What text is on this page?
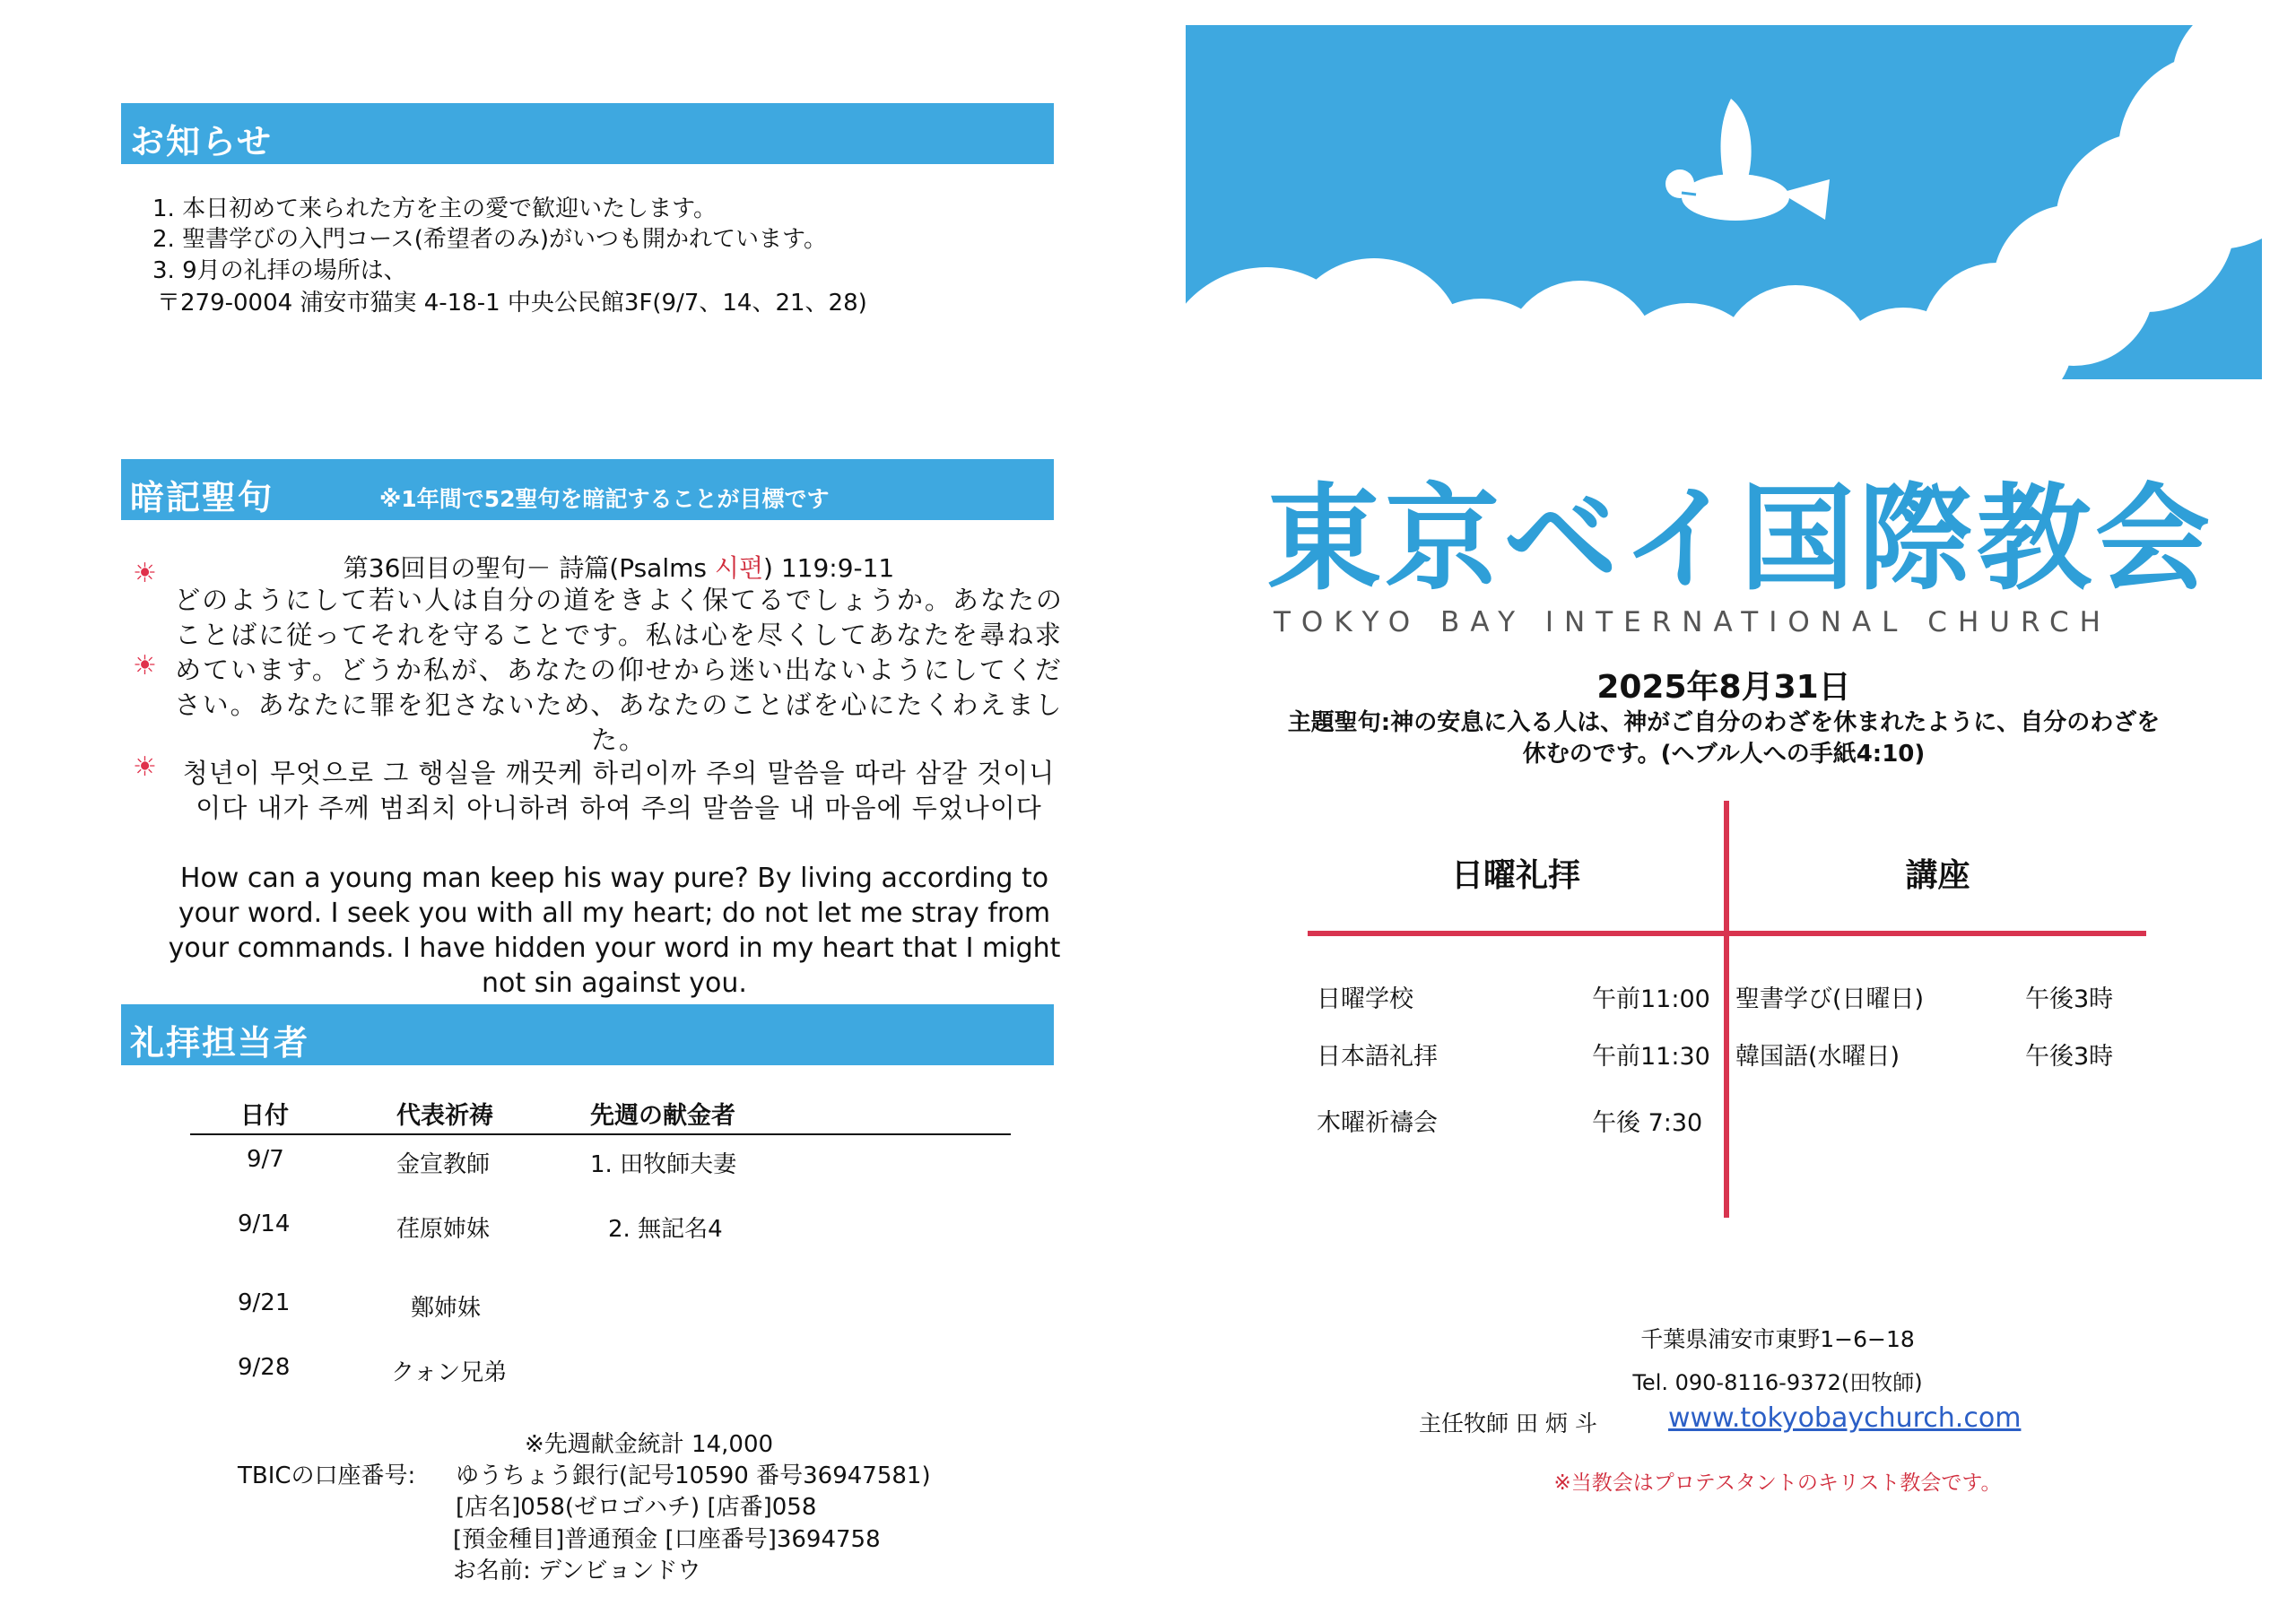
お知らせ
1. 本日初めて来られた方を主の愛で歓迎いたします。
2. 聖書学びの入門コース(希望者のみ)がいつも開かれています。
3. 9月の礼拝の場所は、
〒279-0004 浦安市猫実 4-18-1 中央公民館3F(9/7、14、21、28)
暗記聖句	※1年間で52聖句を暗記することが目標です
☀
☀
☀
第36回目の聖句－ 詩篇(Psalms 시편) 119:9-11

どのようにして若い人は自分の道をきよく保てるでしょうか。あなたのことばに従ってそれを守ることです。私は心を尽くしてあなたを尋ね求めています。どうか私が、あなたの仰せから迷い出ないようにしてください。あなたに罪を犯さないため、あなたのことばを心にたくわえました。

청년이 무엇으로 그 행실을 깨끗케 하리이까 주의 말씀을 따라 삼갈 것이니이다 내가 주께 범죄치 아니하려 하여 주의 말씀을 내 마음에 두었나이다

How can a young man keep his way pure? By living according to your word. I seek you with all my heart; do not let me stray from your commands. I have hidden your word in my heart that I might not sin against you.

礼拝担当者
日付	代表祈祷	先週の献金者
9/7	金宣教師	1. 田牧師夫妻
9/14	荏原姉妹	2. 無記名4
9/21	鄭姉妹
9/28	クォン兄弟
※先週献金統計 14,000
TBICの口座番号: ゆうちょう銀行(記号10590 番号36947581)
[店名]058(ゼロゴハチ) [店番]058
[預金種目]普通預金 [口座番号]3694758
お名前: デンビョンドウ
東京ベイ国際教会
TOKYO BAY INTERNATIONAL CHURCH
2025年8月31日
主題聖句:神の安息に入る人は、神がご自分のわざを休まれたように、自分のわざを
休むのです。(ヘブル人への手紙4:10)
日曜礼拝	講座
日曜学校	午前11:00
日本語礼拝	午前11:30
木曜祈禱会	午後 7:30
聖書学び(日曜日)	午後3時
韓国語(水曜日)	午後3時
千葉県浦安市東野1−6−18
Tel. 090-8116-9372(田牧師)
主任牧師 田 炳 斗	www.tokyobaychurch.com
※当教会はプロテスタントのキリスト教会です。
